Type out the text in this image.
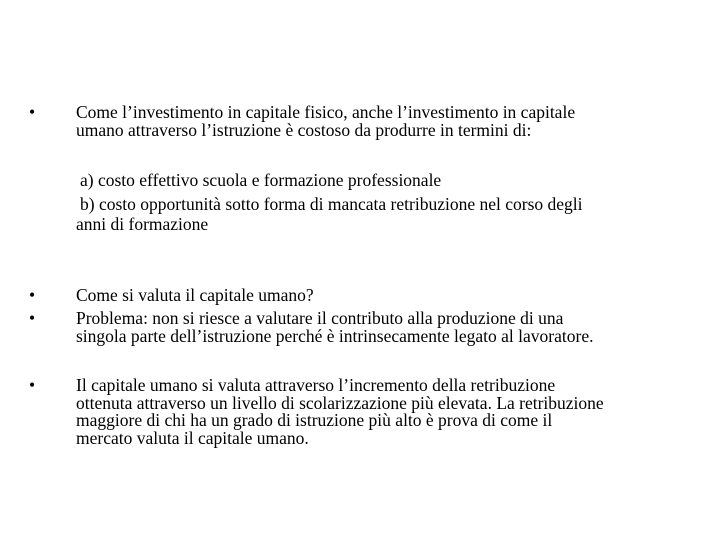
• Come l’investimento in capitale fisico, anche l’investimento in capitale
umano attraverso l’istruzione è costoso da produrre in termini di:
a) costo effettivo scuola e formazione professionale
b) costo opportunità sotto forma di mancata retribuzione nel corso degli
anni di formazione
• Come si valuta il capitale umano?
• Problema: non si riesce a valutare il contributo alla produzione di una
singola parte dell’istruzione perché è intrinsecamente legato al lavoratore.
• Il capitale umano si valuta attraverso l’incremento della retribuzione
ottenuta attraverso un livello di scolarizzazione più elevata. La retribuzione
maggiore di chi ha un grado di istruzione più alto è prova di come il
mercato valuta il capitale umano.
